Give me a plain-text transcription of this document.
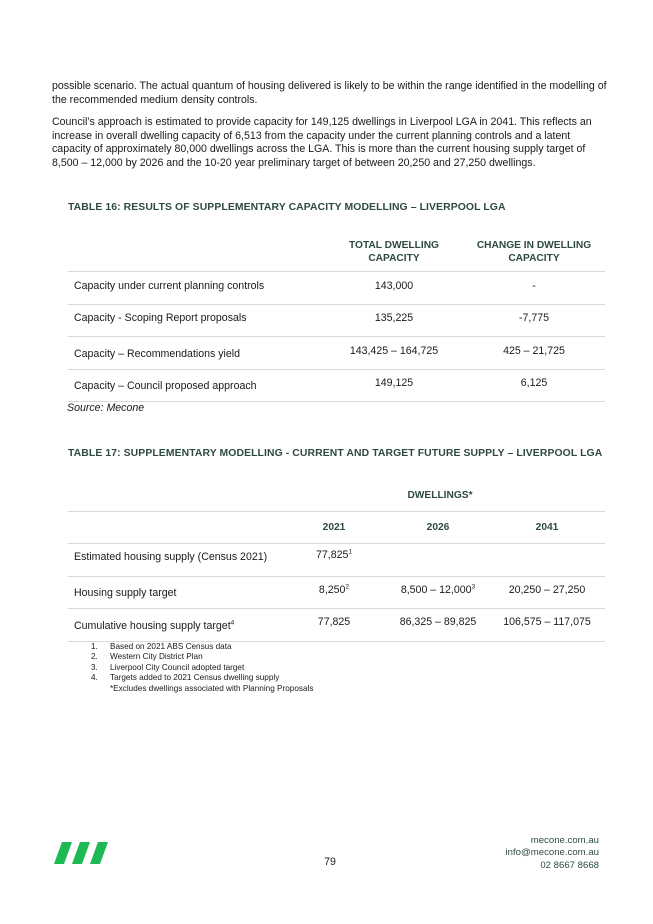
possible scenario. The actual quantum of housing delivered is likely to be within the range identified in the modelling of the recommended medium density controls.
Council’s approach is estimated to provide capacity for 149,125 dwellings in Liverpool LGA in 2041. This reflects an increase in overall dwelling capacity of 6,513 from the capacity under the current planning controls and a latent capacity of approximately 80,000 dwellings across the LGA. This is more than the current housing supply target of 8,500 – 12,000 by 2026 and the 10-20 year preliminary target of between 20,250 and 27,250 dwellings.
TABLE 16: RESULTS OF SUPPLEMENTARY CAPACITY MODELLING – LIVERPOOL LGA
TOTAL DWELLING CAPACITY
CHANGE IN DWELLING CAPACITY
Capacity under current planning controls	143,000	-
Capacity - Scoping Report proposals	135,225	-7,775
Capacity – Recommendations yield	143,425 – 164,725	425 – 21,725
Capacity – Council proposed approach	149,125	6,125
Source: Mecone
TABLE 17: SUPPLEMENTARY MODELLING - CURRENT AND TARGET FUTURE SUPPLY – LIVERPOOL LGA
DWELLINGS*
2021	2026	2041
Estimated housing supply (Census 2021)	77,825$^1$
Housing supply target	8,250$^2$	8,500 – 12,000$^3$	20,250 – 27,250
Cumulative housing supply target$^4$	77,825	86,325 – 89,825	106,575 – 117,075
1.	Based on 2021 ABS Census data
2.	Western City District Plan
3.	Liverpool City Council adopted target
4.	Targets added to 2021 Census dwelling supply
*Excludes dwellings associated with Planning Proposals
79
mecone.com.au
info@mecone.com.au
02 8667 8668
